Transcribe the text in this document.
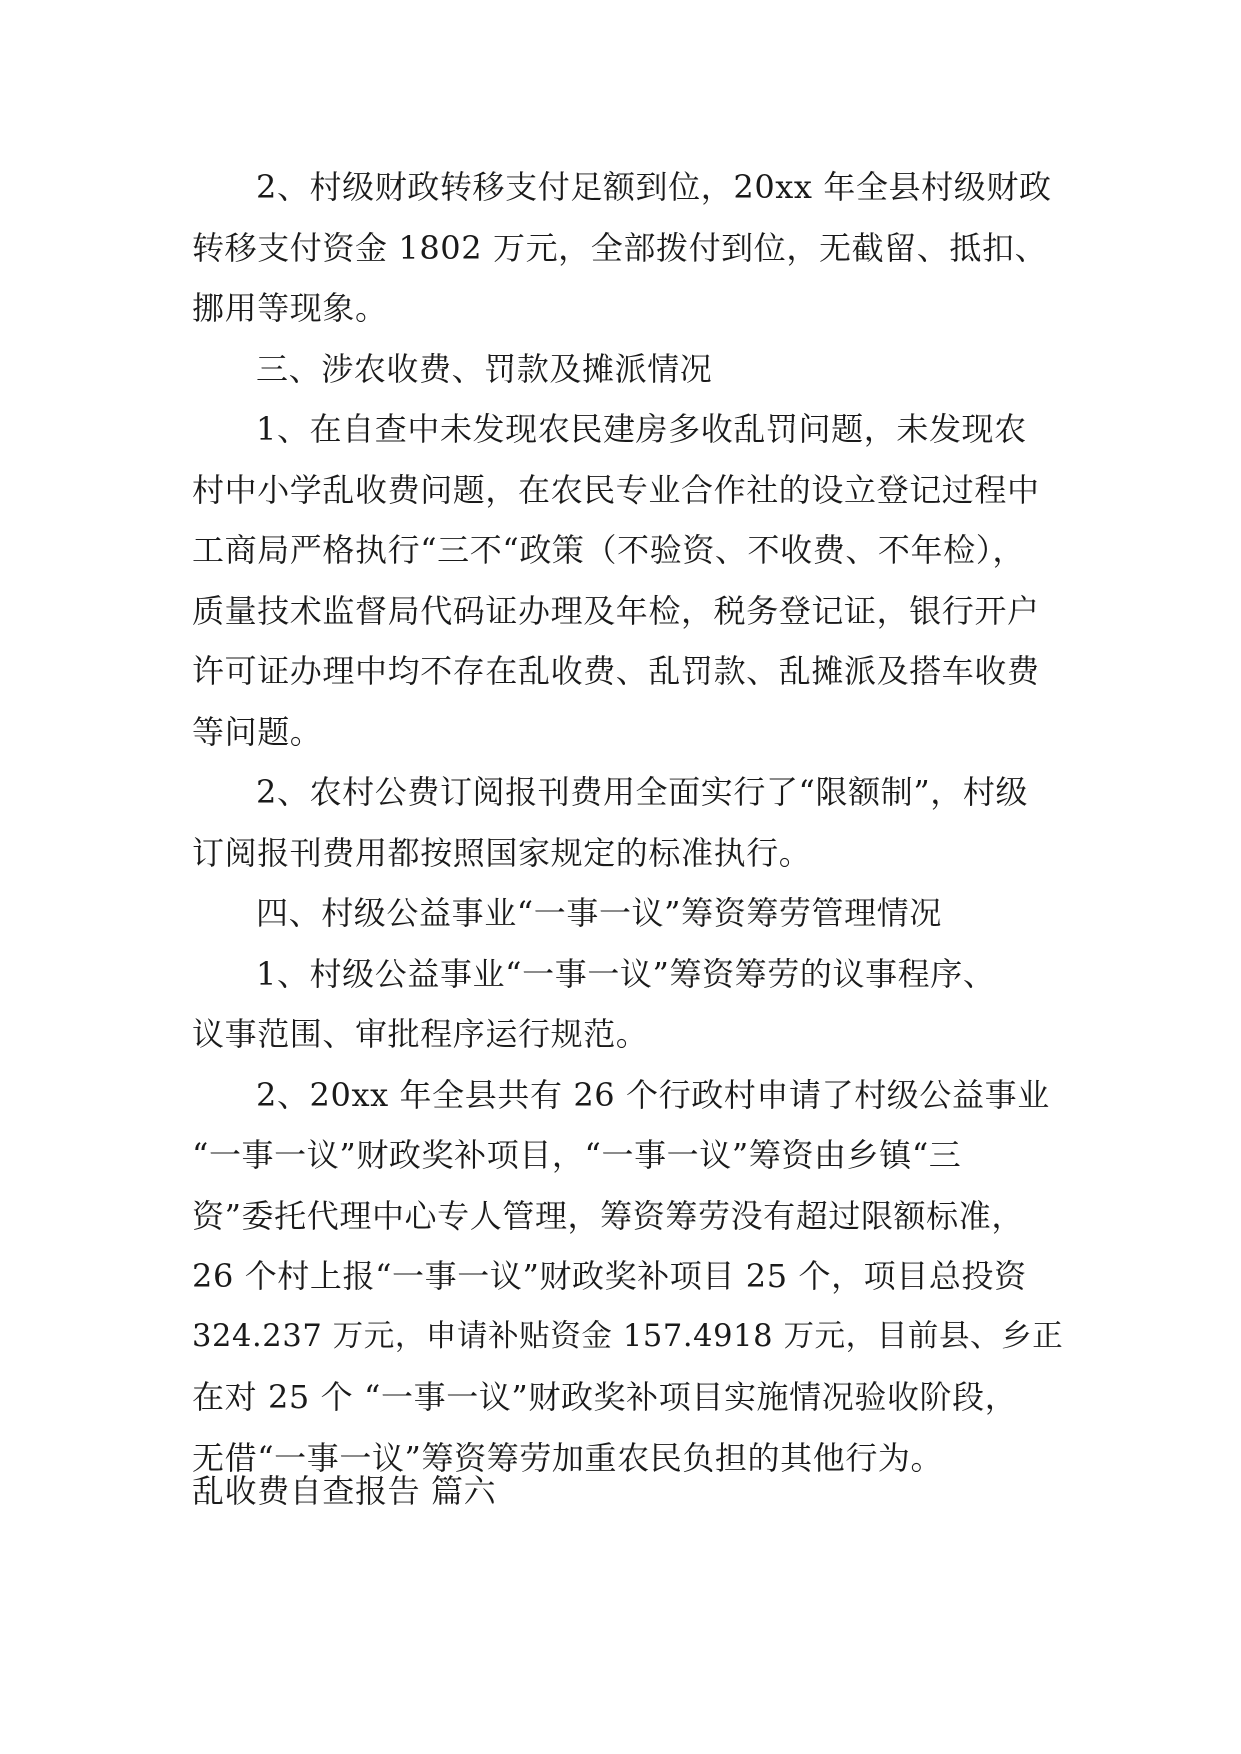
2、村级财政转移支付足额到位，20xx 年全县村级财政
转移支付资金 1802 万元，全部拨付到位，无截留、抵扣、
挪用等现象。
三、涉农收费、罚款及摊派情况
1、在自查中未发现农民建房多收乱罚问题，未发现农
村中小学乱收费问题，在农民专业合作社的设立登记过程中
工商局严格执行“三不“政策（不验资、不收费、不年检），
质量技术监督局代码证办理及年检，税务登记证，银行开户
许可证办理中均不存在乱收费、乱罚款、乱摊派及搭车收费
等问题。
2、农村公费订阅报刊费用全面实行了“限额制”，村级
订阅报刊费用都按照国家规定的标准执行。
四、村级公益事业“一事一议”筹资筹劳管理情况
1、村级公益事业“一事一议”筹资筹劳的议事程序、
议事范围、审批程序运行规范。
2、20xx 年全县共有 26 个行政村申请了村级公益事业
“一事一议”财政奖补项目，“一事一议”筹资由乡镇“三
资”委托代理中心专人管理，筹资筹劳没有超过限额标准，
26 个村上报“一事一议”财政奖补项目 25 个，项目总投资
324.237 万元，申请补贴资金 157.4918 万元，目前县、乡正
在对 25 个 “一事一议”财政奖补项目实施情况验收阶段，
无借“一事一议”筹资筹劳加重农民负担的其他行为。
乱收费自查报告 篇六
